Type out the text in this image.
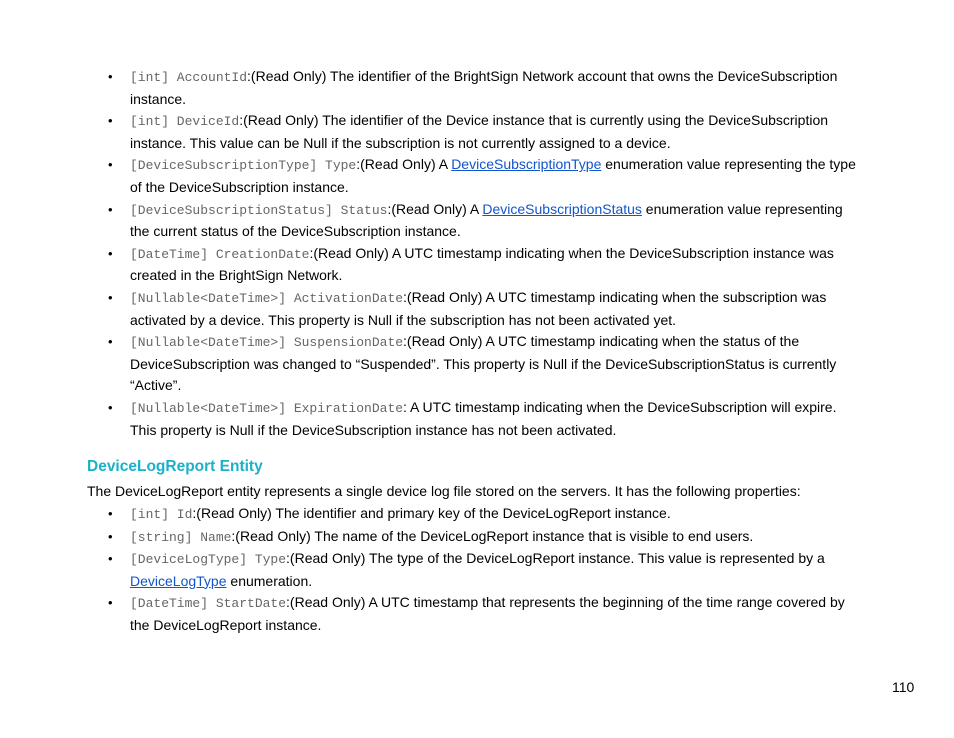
• [int] AccountId:(Read Only) The identifier of the BrightSign Network account that owns the DeviceSubscription instance.
• [int] DeviceId:(Read Only) The identifier of the Device instance that is currently using the DeviceSubscription instance. This value can be Null if the subscription is not currently assigned to a device.
• [DeviceSubscriptionType] Type:(Read Only) A DeviceSubscriptionType enumeration value representing the type of the DeviceSubscription instance.
• [DeviceSubscriptionStatus] Status:(Read Only) A DeviceSubscriptionStatus enumeration value representing the current status of the DeviceSubscription instance.
• [DateTime] CreationDate:(Read Only) A UTC timestamp indicating when the DeviceSubscription instance was created in the BrightSign Network.
• [Nullable<DateTime>] ActivationDate:(Read Only) A UTC timestamp indicating when the subscription was activated by a device. This property is Null if the subscription has not been activated yet.
• [Nullable<DateTime>] SuspensionDate:(Read Only) A UTC timestamp indicating when the status of the DeviceSubscription was changed to “Suspended”. This property is Null if the DeviceSubscriptionStatus is currently “Active”.
• [Nullable<DateTime>] ExpirationDate: A UTC timestamp indicating when the DeviceSubscription will expire. This property is Null if the DeviceSubscription instance has not been activated.
DeviceLogReport Entity

The DeviceLogReport entity represents a single device log file stored on the servers. It has the following properties:

• [int] Id:(Read Only) The identifier and primary key of the DeviceLogReport instance.
• [string] Name:(Read Only) The name of the DeviceLogReport instance that is visible to end users.
• [DeviceLogType] Type:(Read Only) The type of the DeviceLogReport instance. This value is represented by a DeviceLogType enumeration.
• [DateTime] StartDate:(Read Only) A UTC timestamp that represents the beginning of the time range covered by the DeviceLogReport instance.
110
